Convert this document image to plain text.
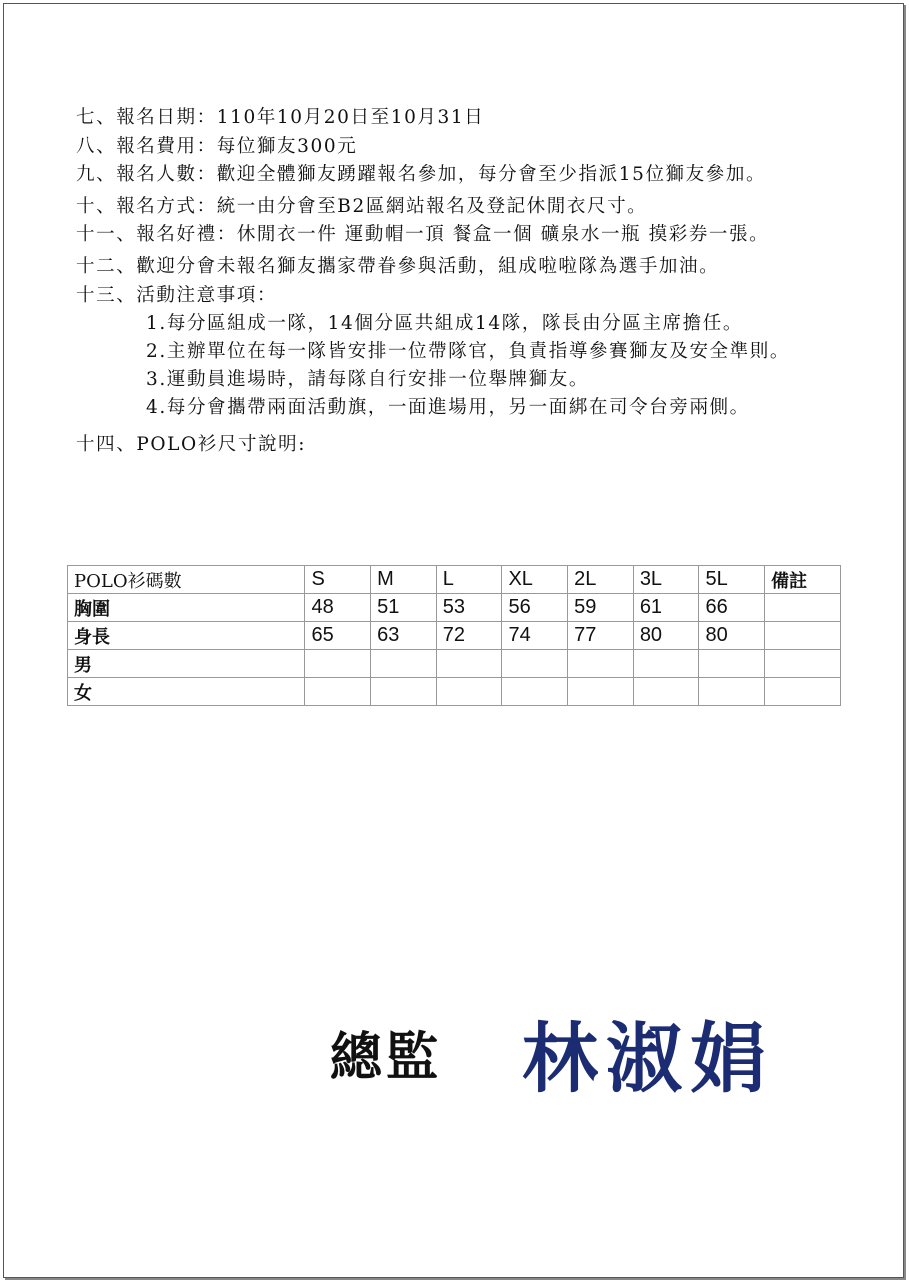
七、報名日期： 110年10月20日至10月31日
八、報名費用： 每位獅友300元
九、報名人數： 歡迎全體獅友踴躍報名參加，每分會至少指派15位獅友參加。
十、報名方式： 統一由分會至B2區網站報名及登記休閒衣尺寸。
十一、報名好禮： 休閒衣一件 運動帽一頂 餐盒一個 礦泉水一瓶 摸彩券一張。
十二、 歡迎分會未報名獅友攜家帶眷參與活動，組成啦啦隊為選手加油。
十三、 活動注意事項：
1. 每分區組成一隊，14個分區共組成14隊，隊長由分區主席擔任。
2. 主辦單位在每一隊皆安排一位帶隊官，負責指導參賽獅友及安全準則。
3. 運動員進場時，請每隊自行安排一位舉牌獅友。
4. 每分會攜帶兩面活動旗，一面進場用，另一面綁在司令台旁兩側。
十四、 POLO衫尺寸說明:
POLO衫碼數	S	M	L	XL	2L	3L	5L	備註
胸圍	48	51	53	56	59	61	66	
身長	65	63	72	74	77	80	80	
男								
女								
總監 林淑娟
